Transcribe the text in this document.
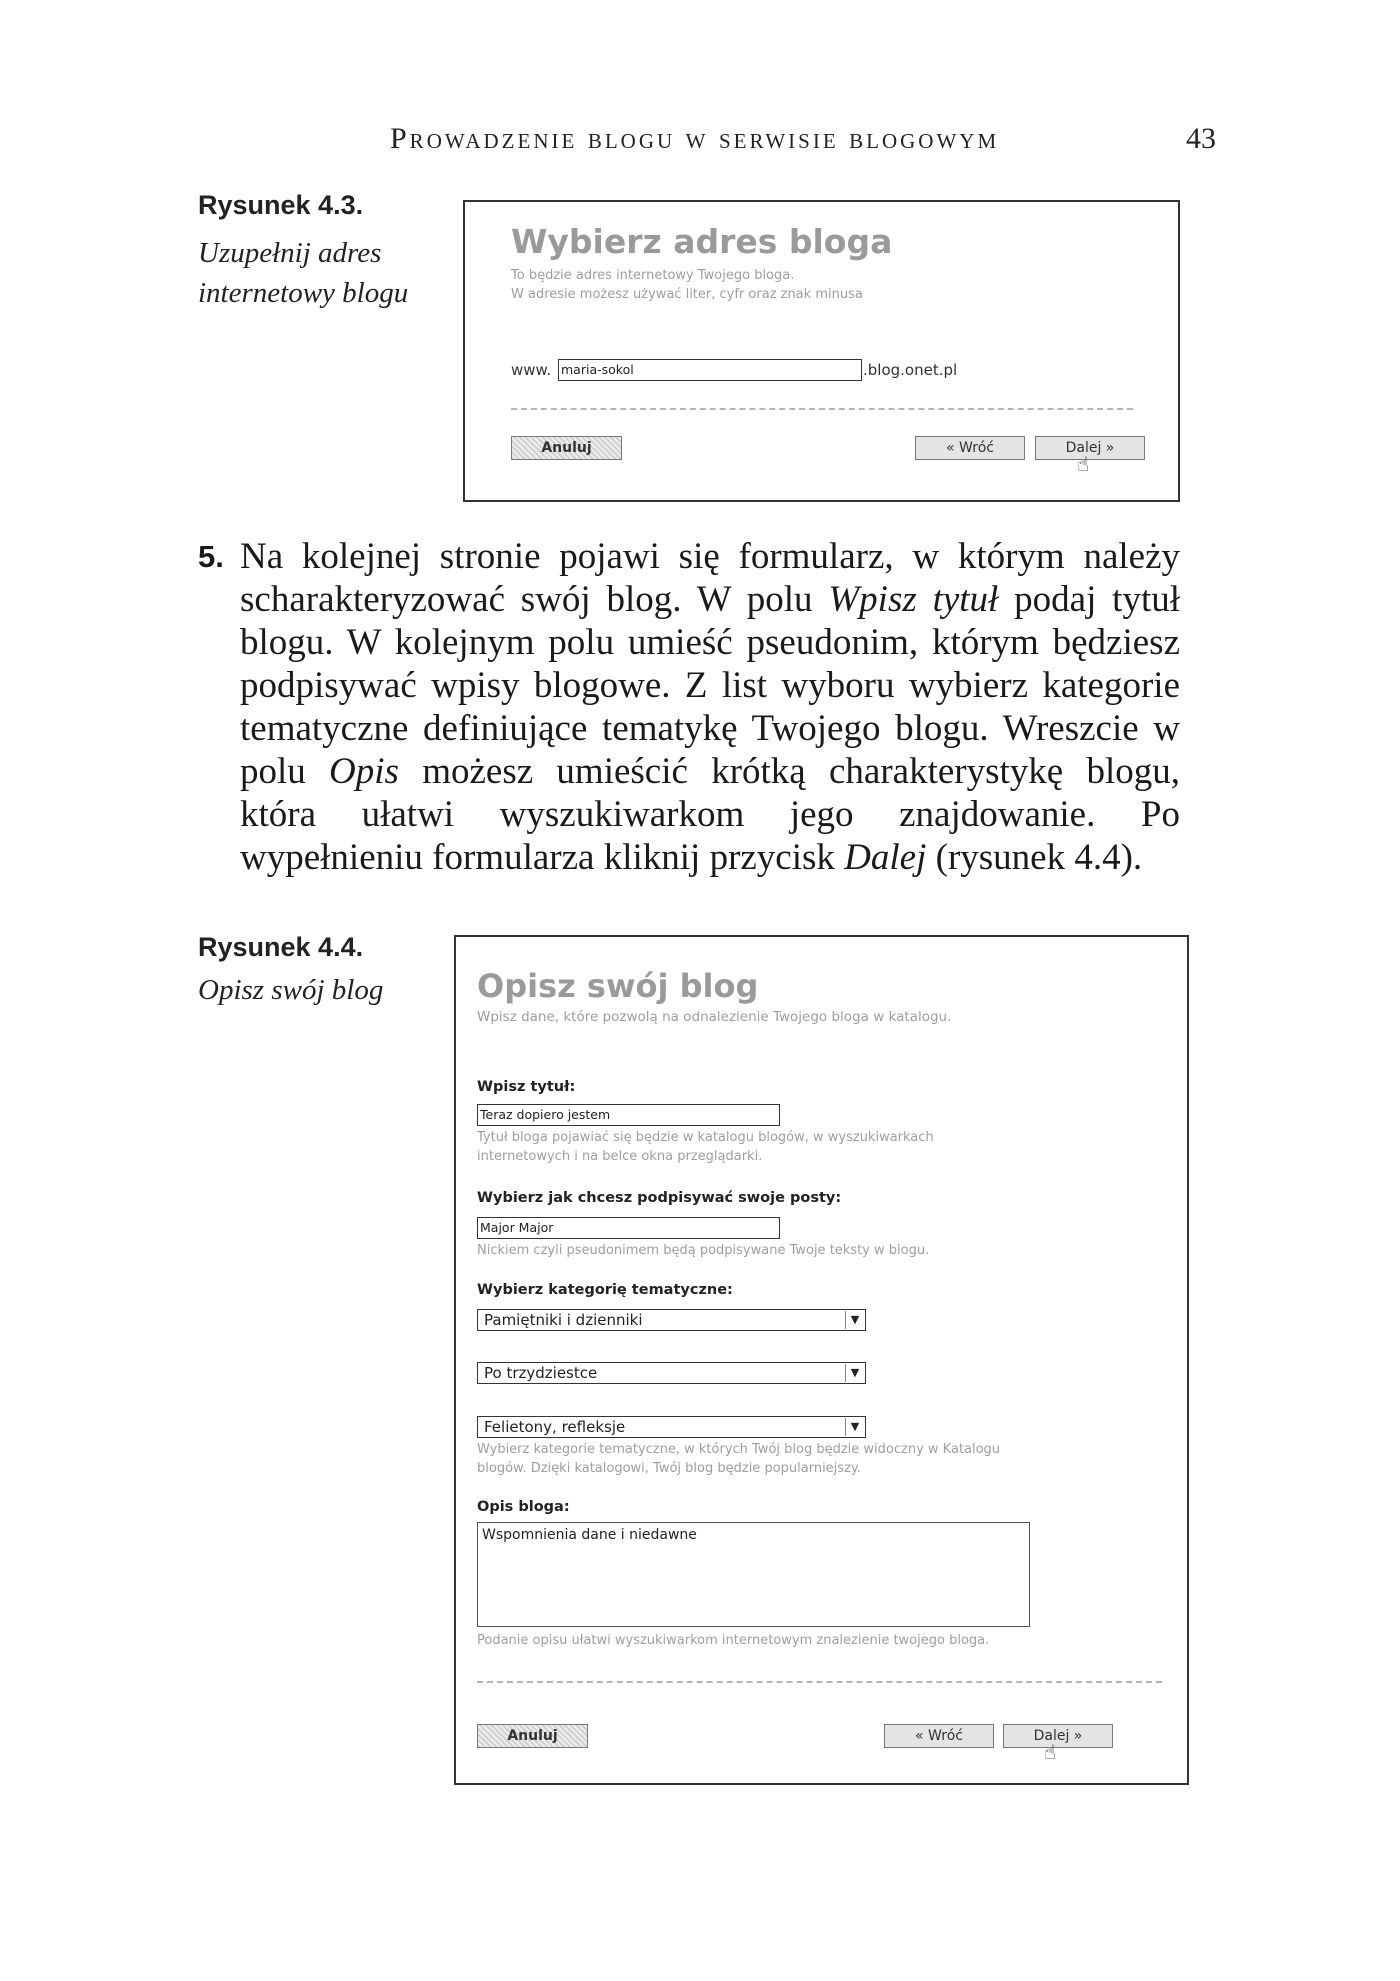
Prowadzenie blogu w serwisie blogowym	43
Rysunek 4.3.
Uzupełnij adres
internetowy blogu
Wybierz adres bloga
To będzie adres internetowy Twojego bloga.
W adresie możesz używać liter, cyfr oraz znak minusa
www. maria-sokol	.blog.onet.pl
Anuluj	« Wróć	Dalej »
☝
5. Na kolejnej stronie pojawi się formularz, w którym należy scharakteryzować swój blog. W polu Wpisz tytuł podaj tytuł blogu. W kolejnym polu umieść pseudonim, którym będziesz podpisywać wpisy blogowe. Z list wyboru wybierz kategorie tematyczne definiujące tematykę Twojego blogu. Wreszcie w polu Opis możesz umieścić krótką charakterystykę blogu, która ułatwi wyszukiwarkom jego znajdowanie. Po wypełnieniu formularza kliknij przycisk Dalej (rysunek 4.4).
Rysunek 4.4.
Opisz swój blog	Opisz swój blog
Wpisz dane, które pozwolą na odnalezienie Twojego bloga w katalogu.
Wpisz tytuł:
Teraz dopiero jestem
Tytuł bloga pojawiać się będzie w katalogu blogów, w wyszukiwarkach
internetowych i na belce okna przeglądarki.
Wybierz jak chcesz podpisywać swoje posty:
Major Major
Nickiem czyli pseudonimem będą podpisywane Twoje teksty w blogu.
Wybierz kategorię tematyczne:
Pamiętniki i dzienniki	▼
Po trzydziestce	▼
Felietony, refleksje	▼
Wybierz kategorie tematyczne, w których Twój blog będzie widoczny w Katalogu
blogów. Dzięki katalogowi, Twój blog będzie popularniejszy.
Opis bloga:
Wspomnienia dane i niedawne
Podanie opisu ułatwi wyszukiwarkom internetowym znalezienie twojego bloga.
Anuluj	« Wróć	Dalej »
☝
